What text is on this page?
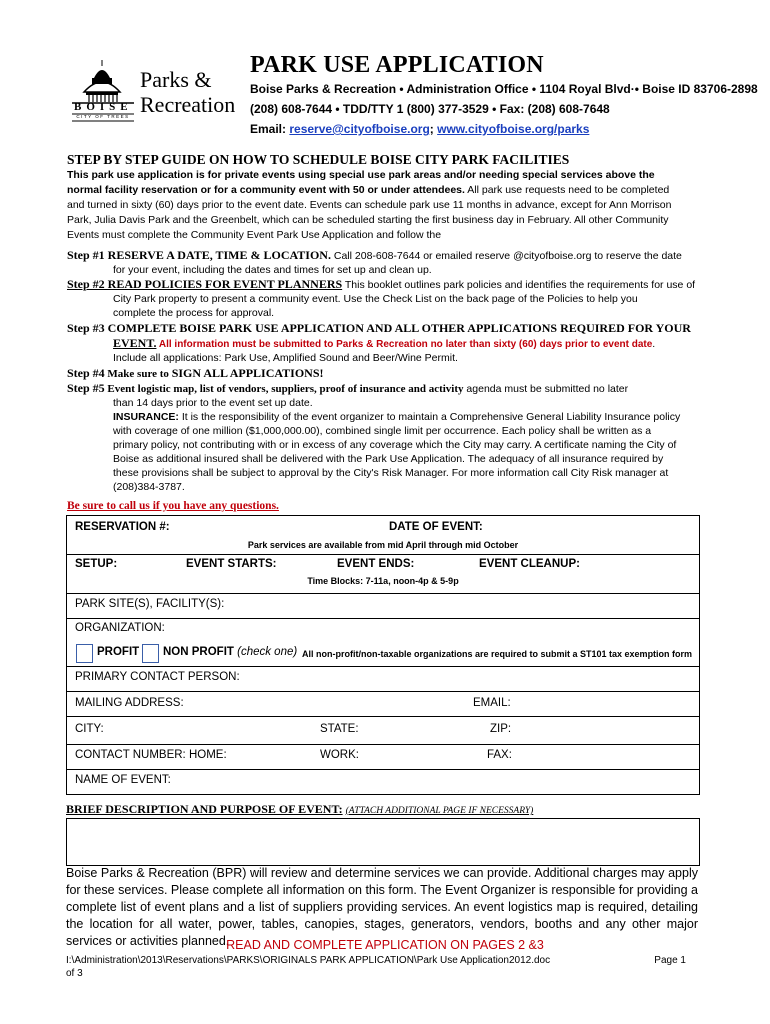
BOISE
CITY OF TREES
Parks &
Recreation
PARK USE APPLICATION
Boise Parks & Recreation • Administration Office • 1104 Royal Blvd·• Boise ID 83706-2898
(208) 608-7644 • TDD/TTY 1 (800) 377-3529 • Fax: (208) 608-7648
Email: reserve@cityofboise.org; www.cityofboise.org/parks
STEP BY STEP GUIDE ON HOW TO SCHEDULE BOISE CITY PARK FACILITIES
This park use application is for private events using special use park areas and/or needing special services above the normal facility reservation or for a community event with 50 or under attendees. All park use requests need to be completed and turned in sixty (60) days prior to the event date. Events can schedule park use 11 months in advance, except for Ann Morrison Park, Julia Davis Park and the Greenbelt, which can be scheduled starting the first business day in February. All other Community Events must complete the Community Event Park Use Application and follow the
Step #1 RESERVE A DATE, TIME & LOCATION. Call 208-608-7644 or emailed reserve @cityofboise.org to reserve the date
for your event, including the dates and times for set up and clean up.
Step #2 READ POLICIES FOR EVENT PLANNERS This booklet outlines park policies and identifies the requirements for use of
City Park property to present a community event. Use the Check List on the back page of the Policies to help you complete the process for approval.
Step #3 COMPLETE BOISE PARK USE APPLICATION AND ALL OTHER APPLICATIONS REQUIRED FOR YOUR
EVENT. All information must be submitted to Parks & Recreation no later than sixty (60) days prior to event date.
Include all applications: Park Use, Amplified Sound and Beer/Wine Permit.
Step #4 Make sure to SIGN ALL APPLICATIONS!
Step #5 Event logistic map, list of vendors, suppliers, proof of insurance and activity agenda must be submitted no later
than 14 days prior to the event set up date.
INSURANCE: It is the responsibility of the event organizer to maintain a Comprehensive General Liability Insurance policy with coverage of one million ($1,000,000.00), combined single limit per occurrence. Each policy shall be written as a primary policy, not contributing with or in excess of any coverage which the City may carry. A certificate naming the City of Boise as additional insured shall be delivered with the Park Use Application. The adequacy of all insurance required by these provisions shall be subject to approval by the City's Risk Manager. For more information call City Risk manager at (208)384-3787.
Be sure to call us if you have any questions.
RESERVATION #:	DATE OF EVENT:
Park services are available from mid April through mid October
SETUP:	EVENT STARTS:	EVENT ENDS:	EVENT CLEANUP:
Time Blocks: 7-11a, noon-4p & 5-9p
PARK SITE(S), FACILITY(S):
ORGANIZATION:
PROFIT NON PROFIT (check one) All non-profit/non-taxable organizations are required to submit a ST101 tax exemption form
PRIMARY CONTACT PERSON:
MAILING ADDRESS:	EMAIL:
CITY:	STATE:	ZIP:
CONTACT NUMBER: HOME:	WORK:	FAX:
NAME OF EVENT:
BRIEF DESCRIPTION AND PURPOSE OF EVENT: (ATTACH ADDITIONAL PAGE IF NECESSARY)
Boise Parks & Recreation (BPR) will review and determine services we can provide. Additional charges may apply for these services. Please complete all information on this form. The Event Organizer is responsible for providing a complete list of event plans and a list of suppliers providing services. An event logistics map is required, detailing the location for all water, power, tables, canopies, stages, generators, vendors, booths and any other major services or activities planned.
READ AND COMPLETE APPLICATION ON PAGES 2 &3
I:\Administration\2013\Reservations\PARKS\ORIGINALS PARK APPLICATION\Park Use Application2012.doc
of 3
Page 1
